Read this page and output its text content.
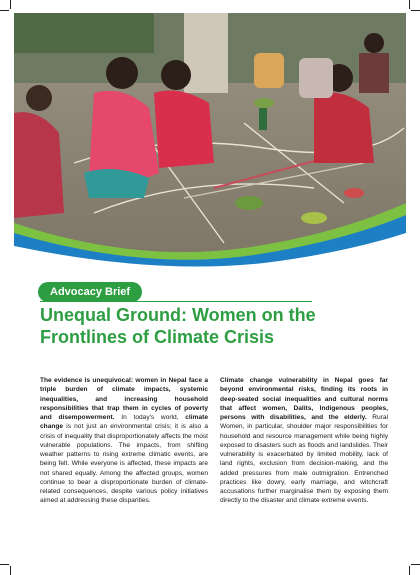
Advocacy Brief
Unequal Ground: Women on the Frontlines of Climate Crisis

The evidence is unequivocal: women in Nepal face a triple burden of climate impacts, systemic inequalities, and increasing household responsibilities that trap them in cycles of poverty and disempowerment. In today's world, climate change is not just an environmental crisis; it is also a crisis of inequality that disproportionately affects the most vulnerable populations. The impacts, from shifting weather patterns to rising extreme climatic events, are being felt. While everyone is affected, these impacts are not shared equally. Among the affected groups, women continue to bear a disproportionate burden of climate-related consequences, despite various policy initiatives aimed at addressing these disparities.

Climate change vulnerability in Nepal goes far beyond environmental risks, finding its roots in deep-seated social inequalities and cultural norms that affect women, Dalits, Indigenous peoples, persons with disabilities, and the elderly. Rural Women, in particular, shoulder major responsibilities for household and resource management while being highly exposed to disasters such as floods and landslides. Their vulnerability is exacerbated by limited mobility, lack of land rights, exclusion from decision-making, and the added pressures from male outmigration. Entrenched practices like dowry, early marriage, and witchcraft accusations further marginalise them by exposing them directly to the disaster and climate extreme events.
